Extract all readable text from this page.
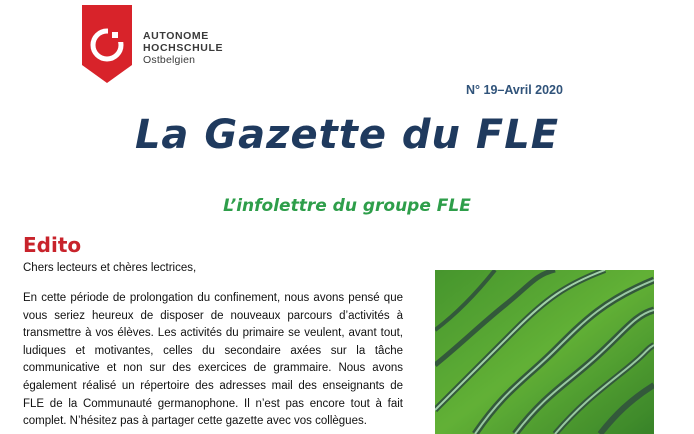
AUTONOME
HOCHSCHULE
Ostbelgien
N° 19–Avril 2020
La Gazette du FLE
L’infolettre du groupe FLE
Edito

Chers lecteurs et chères lectrices,

En cette période de prolongation du confinement, nous avons pensé que vous seriez heureux de disposer de nouveaux parcours d’activités à transmettre à vos élèves. Les activités du primaire se veulent, avant tout, ludiques et motivantes, celles du secondaire axées sur la tâche communicative et non sur des exercices de grammaire. Nous avons également réalisé un répertoire des adresses mail des enseignants de FLE de la Communauté germanophone. Il n’est pas encore tout à fait complet. N’hésitez pas à partager cette gazette avec vos collègues.
